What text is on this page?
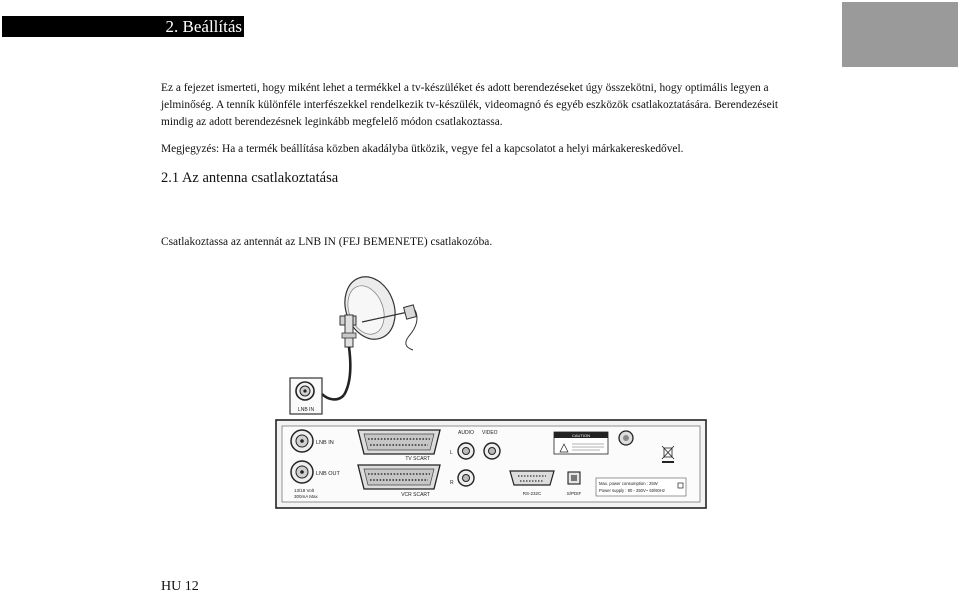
2. Beállítás

Ez a fejezet ismerteti, hogy miként lehet a termékkel a tv-készüléket és adott berendezéseket úgy összekötni, hogy optimális legyen a jelminőség. A tenník különféle interfészekkel rendelkezik tv-készülék, videomagnó és egyéb eszközök csatlakoztatására. Berendezéseit mindig az adott berendezésnek leginkább megfelelő módon csatlakoztassa.

Megjegyzés: Ha a termék beállítása közben akadályba ütközik, vegye fel a kapcsolatot a helyi márkakereskedővel.

2.1 Az antenna csatlakoztatása
Csatlakoztassa az antennát az LNB IN (FEJ BEMENETE) csatlakozóba.
LNB IN
LNB IN
LNB OUT
13/18 Volt
300mA Max
TV SCART
VCR SCART
AUDIO VIDEO
L
R
RS-232C	S/PDIF
CAUTION
Max. power consumption : 25W
Power supply : 90 - 250V~ 50/60Hz
HU 12
